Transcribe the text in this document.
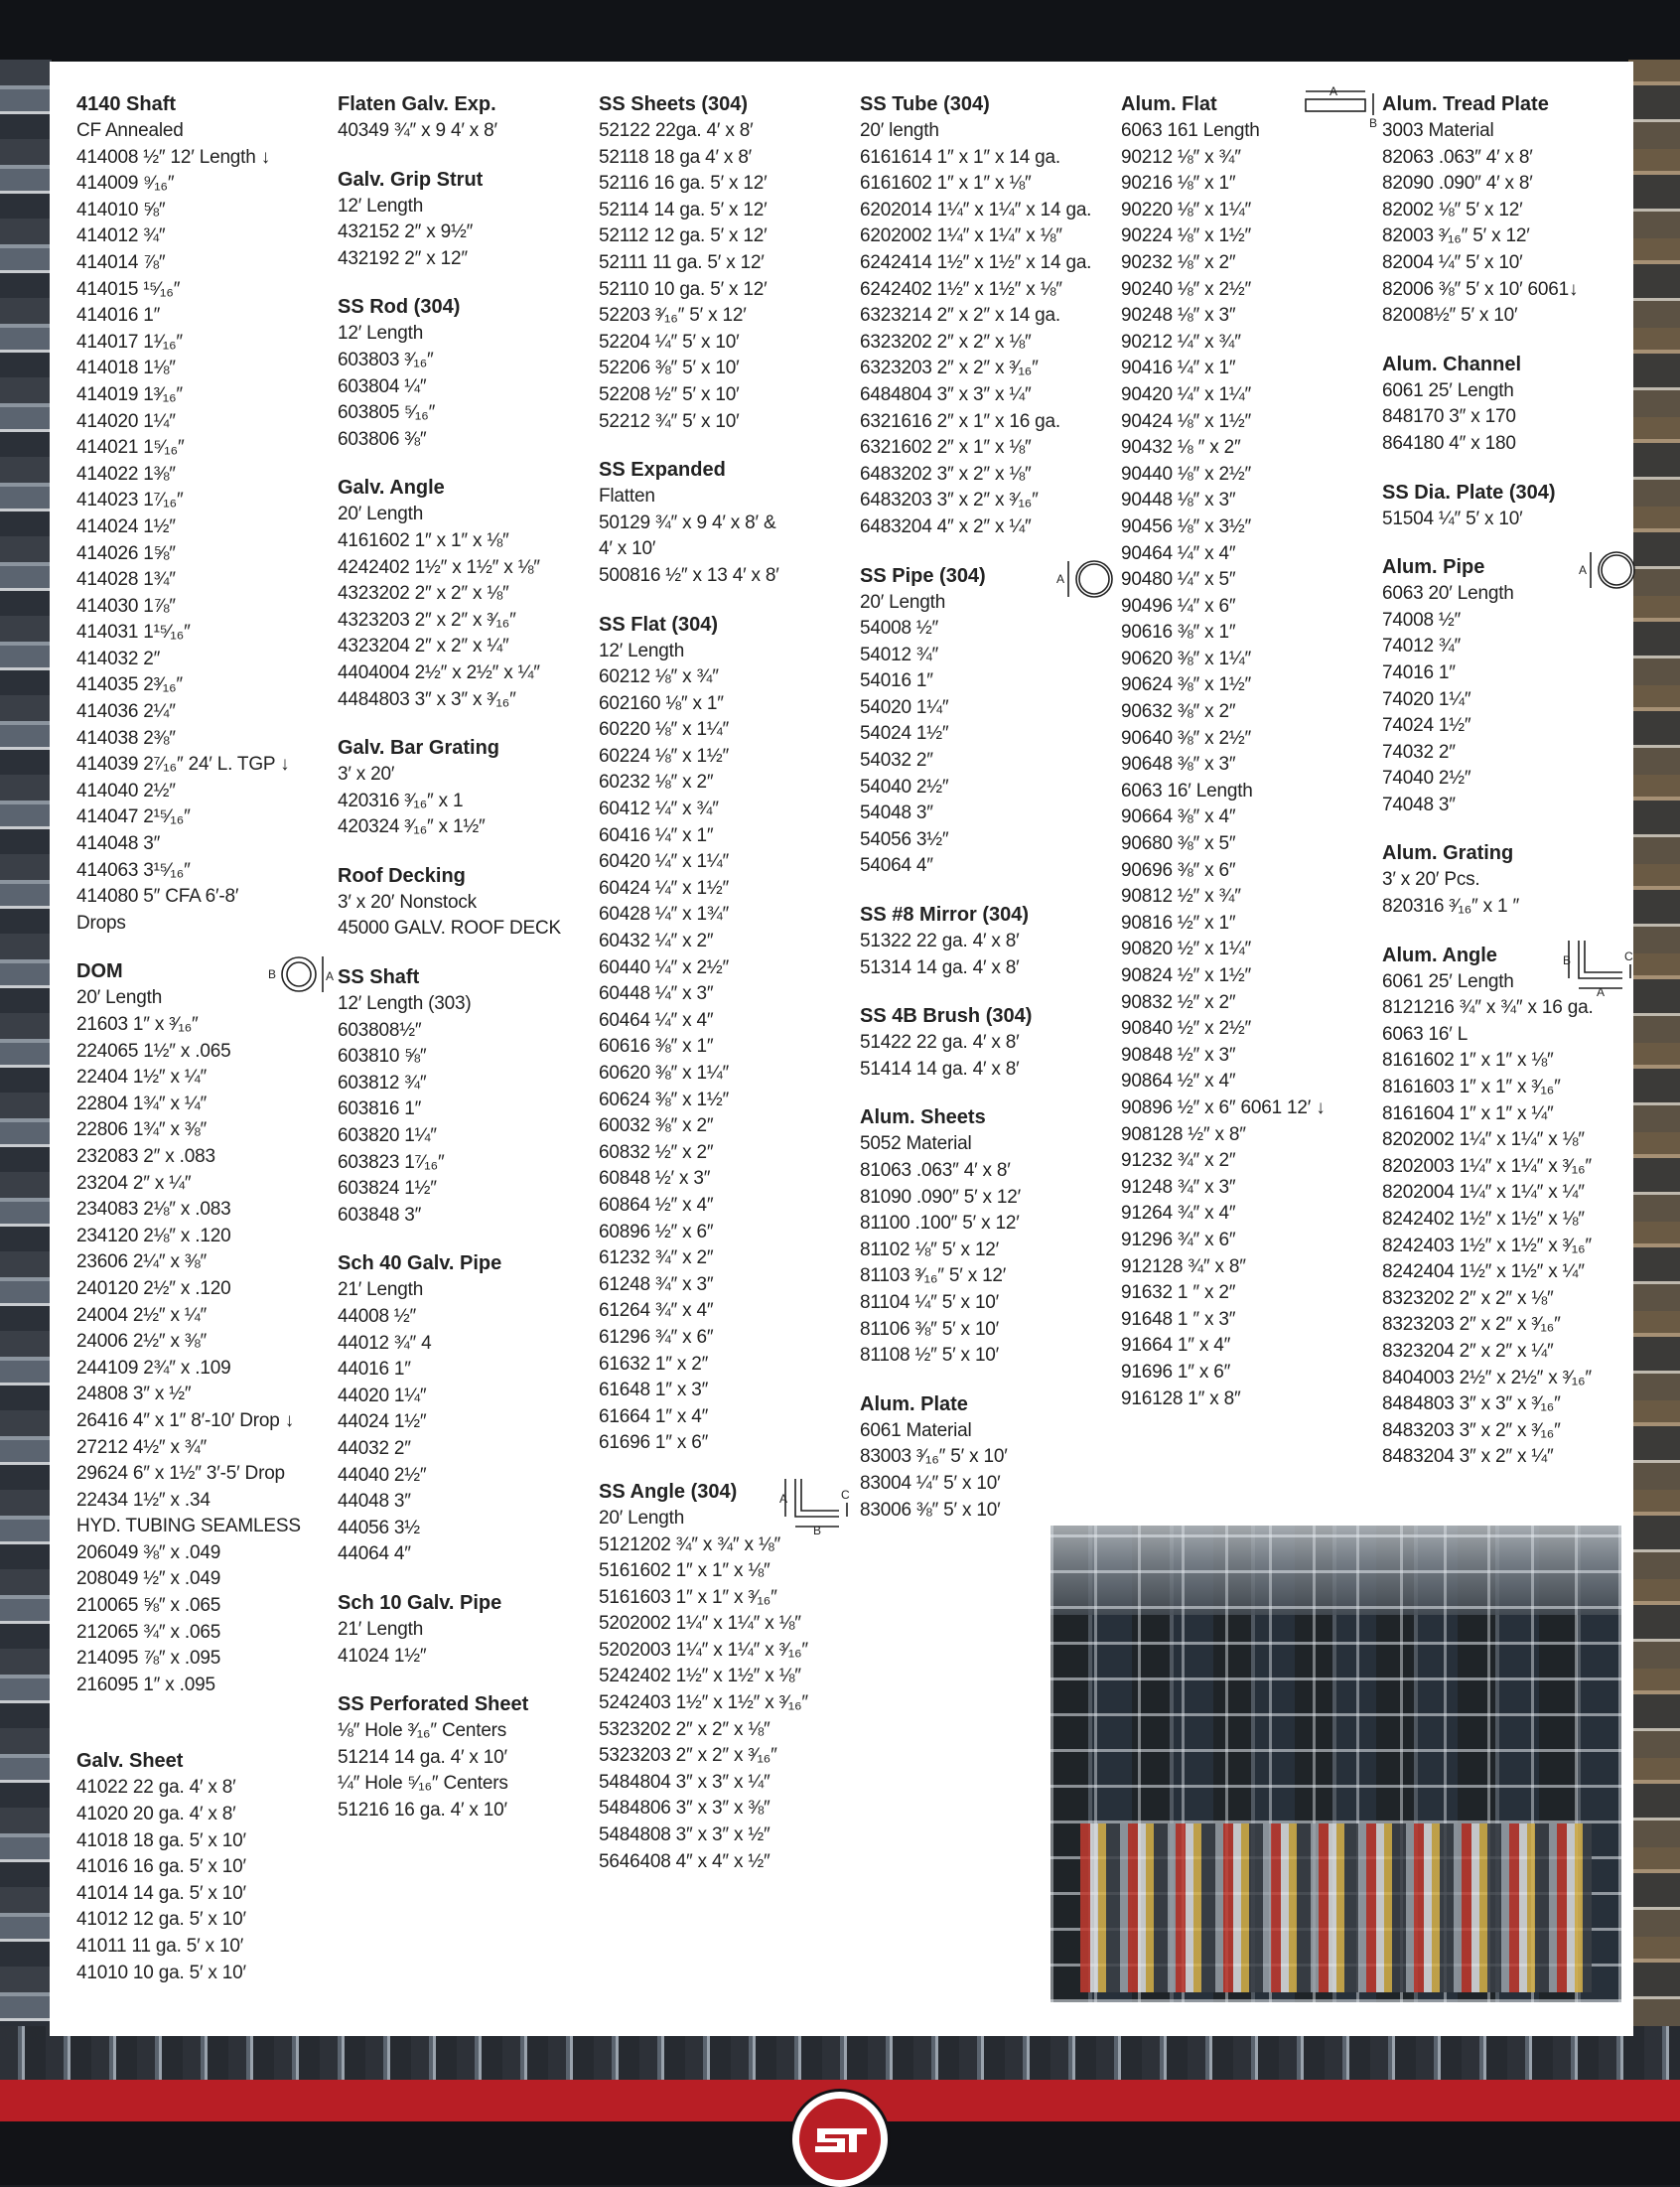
4140 Shaft
CF Annealed
414008 ½″ 12′ Length ↓
414009 ⁹⁄₁₆″
414010 ⅝″
414012 ¾″
414014 ⅞″
414015 ¹⁵⁄₁₆″
414016 1″
414017 1¹⁄₁₆″
414018 1⅛″
414019 1³⁄₁₆″
414020 1¼″
414021 1⁵⁄₁₆″
414022 1⅜″
414023 1⁷⁄₁₆″
414024 1½″
414026 1⅝″
414028 1¾″
414030 1⅞″
414031 1¹⁵⁄₁₆″
414032 2″
414035 2³⁄₁₆″
414036 2¼″
414038 2⅜″
414039 2⁷⁄₁₆″ 24′ L. TGP ↓
414040 2½″
414047 2¹⁵⁄₁₆″
414048 3″
414063 3¹⁵⁄₁₆″
414080 5″ CFA 6′-8′
Drops
DOM	B	A
20′ Length
21603 1″ x ³⁄₁₆″
224065 1½″ x .065
22404 1½″ x ¼″
22804 1¾″ x ¼″
22806 1¾″ x ⅜″
232083 2″ x .083
23204 2″ x ¼″
234083 2⅛″ x .083
234120 2⅛″ x .120
23606 2¼″ x ⅜″
240120 2½″ x .120
24004 2½″ x ¼″
24006 2½″ x ⅜″
244109 2¾″ x .109
24808 3″ x ½″
26416 4″ x 1″ 8′-10′ Drop ↓
27212 4½″ x ¾″
29624 6″ x 1½″ 3′-5′ Drop
22434 1½″ x .34
HYD. TUBING SEAMLESS
206049 ⅜″ x .049
208049 ½″ x .049
210065 ⅝″ x .065
212065 ¾″ x .065
214095 ⅞″ x .095
216095 1″ x .095
Galv. Sheet
41022 22 ga. 4′ x 8′
41020 20 ga. 4′ x 8′
41018 18 ga. 5′ x 10′
41016 16 ga. 5′ x 10′
41014 14 ga. 5′ x 10′
41012 12 ga. 5′ x 10′
41011 11 ga. 5′ x 10′
41010 10 ga. 5′ x 10′
Flaten Galv. Exp.
40349 ¾″ x 9 4′ x 8′
Galv. Grip Strut
12′ Length
432152 2″ x 9½″
432192 2″ x 12″
SS Rod (304)
12′ Length
603803 ³⁄₁₆″
603804 ¼″
603805 ⁵⁄₁₆″
603806 ⅜″
Galv. Angle
20′ Length
4161602 1″ x 1″ x ⅛″
4242402 1½″ x 1½″ x ⅛″
4323202 2″ x 2″ x ⅛″
4323203 2″ x 2″ x ³⁄₁₆″
4323204 2″ x 2″ x ¼″
4404004 2½″ x 2½″ x ¼″
4484803 3″ x 3″ x ³⁄₁₆″
Galv. Bar Grating
3′ x 20′
420316 ³⁄₁₆″ x 1
420324 ³⁄₁₆″ x 1½″
Roof Decking
3′ x 20′ Nonstock
45000 GALV. ROOF DECK
SS Shaft
12′ Length (303)
603808½″
603810 ⅝″
603812 ¾″
603816 1″
603820 1¼″
603823 1⁷⁄₁₆″
603824 1½″
603848 3″
Sch 40 Galv. Pipe
21′ Length
44008 ½″
44012 ¾″ 4
44016 1″
44020 1¼″
44024 1½″
44032 2″
44040 2½″
44048 3″
44056 3½
44064 4″
Sch 10 Galv. Pipe
21′ Length
41024 1½″
SS Perforated Sheet
⅛″ Hole ³⁄₁₆″ Centers
51214 14 ga. 4′ x 10′
¼″ Hole ⁵⁄₁₆″ Centers
51216 16 ga. 4′ x 10′
SS Sheets (304)
52122 22ga. 4′ x 8′
52118 18 ga 4′ x 8′
52116 16 ga. 5′ x 12′
52114 14 ga. 5′ x 12′
52112 12 ga. 5′ x 12′
52111 11 ga. 5′ x 12′
52110 10 ga. 5′ x 12′
52203 ³⁄₁₆″ 5′ x 12′
52204 ¼″ 5′ x 10′
52206 ⅜″ 5′ x 10′
52208 ½″ 5′ x 10′
52212 ¾″ 5′ x 10′
SS Expanded
Flatten
50129 ¾″ x 9 4′ x 8′ &
4′ x 10′
500816 ½″ x 13 4′ x 8′
SS Flat (304)
12′ Length
60212 ⅛″ x ¾″
602160 ⅛″ x 1″
60220 ⅛″ x 1¼″
60224 ⅛″ x 1½″
60232 ⅛″ x 2″
60412 ¼″ x ¾″
60416 ¼″ x 1″
60420 ¼″ x 1¼″
60424 ¼″ x 1½″
60428 ¼″ x 1¾″
60432 ¼″ x 2″
60440 ¼″ x 2½″
60448 ¼″ x 3″
60464 ¼″ x 4″
60616 ⅜″ x 1″
60620 ⅜″ x 1¼″
60624 ⅜″ x 1½″
60032 ⅜″ x 2″
60832 ½″ x 2″
60848 ½′ x 3″
60864 ½″ x 4″
60896 ½″ x 6″
61232 ¾″ x 2″
61248 ¾″ x 3″
61264 ¾″ x 4″
61296 ¾″ x 6″
61632 1″ x 2″
61648 1″ x 3″
61664 1″ x 4″
61696 1″ x 6″
SS Angle (304)	A	C
B
20′ Length
5121202 ¾″ x ¾″ x ⅛″
5161602 1″ x 1″ x ⅛″
5161603 1″ x 1″ x ³⁄₁₆″
5202002 1¼″ x 1¼″ x ⅛″
5202003 1¼″ x 1¼″ x ³⁄₁₆″
5242402 1½″ x 1½″ x ⅛″
5242403 1½″ x 1½″ x ³⁄₁₆″
5323202 2″ x 2″ x ⅛″
5323203 2″ x 2″ x ³⁄₁₆″
5484804 3″ x 3″ x ¼″
5484806 3″ x 3″ x ⅜″
5484808 3″ x 3″ x ½″
5646408 4″ x 4″ x ½″
SS Tube (304)
20′ length
6161614 1″ x 1″ x 14 ga.
6161602 1″ x 1″ x ⅛″
6202014 1¼″ x 1¼″ x 14 ga.
6202002 1¼″ x 1¼″ x ⅛″
6242414 1½″ x 1½″ x 14 ga.
6242402 1½″ x 1½″ x ⅛″
6323214 2″ x 2″ x 14 ga.
6323202 2″ x 2″ x ⅛″
6323203 2″ x 2″ x ³⁄₁₆″
6484804 3″ x 3″ x ¼″
6321616 2″ x 1″ x 16 ga.
6321602 2″ x 1″ x ⅛″
6483202 3″ x 2″ x ⅛″
6483203 3″ x 2″ x ³⁄₁₆″
6483204 4″ x 2″ x ¼″
SS Pipe (304)	A
20′ Length
54008 ½″
54012 ¾″
54016 1″
54020 1¼″
54024 1½″
54032 2″
54040 2½″
54048 3″
54056 3½″
54064 4″
SS #8 Mirror (304)
51322 22 ga. 4′ x 8′
51314 14 ga. 4′ x 8′
SS 4B Brush (304)
51422 22 ga. 4′ x 8′
51414 14 ga. 4′ x 8′
Alum. Sheets
5052 Material
81063 .063″ 4′ x 8′
81090 .090″ 5′ x 12′
81100 .100″ 5′ x 12′
81102 ⅛″ 5′ x 12′
81103 ³⁄₁₆″ 5′ x 12′
81104 ¼″ 5′ x 10′
81106 ⅜″ 5′ x 10′
81108 ½″ 5′ x 10′
Alum. Plate
6061 Material
83003 ³⁄₁₆″ 5′ x 10′
83004 ¼″ 5′ x 10′
83006 ⅜″ 5′ x 10′
Alum. Flat
A
B
6063 161 Length
90212 ⅛″ x ¾″
90216 ⅛″ x 1″
90220 ⅛″ x 1¼″
90224 ⅛″ x 1½″
90232 ⅛″ x 2″
90240 ⅛″ x 2½″
90248 ⅛″ x 3″
90212 ¼″ x ¾″
90416 ¼″ x 1″
90420 ¼″ x 1¼″
90424 ⅛″ x 1½″
90432 ⅛ ″ x 2″
90440 ⅛″ x 2½″
90448 ⅛″ x 3″
90456 ⅛″ x 3½″
90464 ¼″ x 4″
90480 ¼″ x 5″
90496 ¼″ x 6″
90616 ⅜″ x 1″
90620 ⅜″ x 1¼″
90624 ⅜″ x 1½″
90632 ⅜″ x 2″
90640 ⅜″ x 2½″
90648 ⅜″ x 3″
6063 16′ Length
90664 ⅜″ x 4″
90680 ⅜″ x 5″
90696 ⅜″ x 6″
90812 ½″ x ¾″
90816 ½″ x 1″
90820 ½″ x 1¼″
90824 ½″ x 1½″
90832 ½″ x 2″
90840 ½″ x 2½″
90848 ½″ x 3″
90864 ½″ x 4″
90896 ½″ x 6″ 6061 12′ ↓
908128 ½″ x 8″
91232 ¾″ x 2″
91248 ¾″ x 3″
91264 ¾″ x 4″
91296 ¾″ x 6″
912128 ¾″ x 8″
91632 1 ″ x 2″
91648 1 ″ x 3″
91664 1″ x 4″
91696 1″ x 6″
916128 1″ x 8″
Alum. Tread Plate
3003 Material
82063 .063″ 4′ x 8′
82090 .090″ 4′ x 8′
82002 ⅛″ 5′ x 12′
82003 ³⁄₁₆″ 5′ x 12′
82004 ¼″ 5′ x 10′
82006 ⅜″ 5′ x 10′ 6061↓
82008½″ 5′ x 10′
Alum. Channel
6061 25′ Length
848170 3″ x 170
864180 4″ x 180
SS Dia. Plate (304)
51504 ¼″ 5′ x 10′
Alum. Pipe	A
6063 20′ Length
74008 ½″
74012 ¾″
74016 1″
74020 1¼″
74024 1½″
74032 2″
74040 2½″
74048 3″
Alum. Grating
3′ x 20′ Pcs.
820316 ³⁄₁₆″ x 1 ″
Alum. Angle	B	C
A
6061 25′ Length
8121216 ¾″ x ¾″ x 16 ga.
6063 16′ L
8161602 1″ x 1″ x ⅛″
8161603 1″ x 1″ x ³⁄₁₆″
8161604 1″ x 1″ x ¼″
8202002 1¼″ x 1¼″ x ⅛″
8202003 1¼″ x 1¼″ x ³⁄₁₆″
8202004 1¼″ x 1¼″ x ¼″
8242402 1½″ x 1½″ x ⅛″
8242403 1½″ x 1½″ x ³⁄₁₆″
8242404 1½″ x 1½″ x ¼″
8323202 2″ x 2″ x ⅛″
8323203 2″ x 2″ x ³⁄₁₆″
8323204 2″ x 2″ x ¼″
8404003 2½″ x 2½″ x ³⁄₁₆″
8484803 3″ x 3″ x ³⁄₁₆″
8483203 3″ x 2″ x ³⁄₁₆″
8483204 3″ x 2″ x ¼″
